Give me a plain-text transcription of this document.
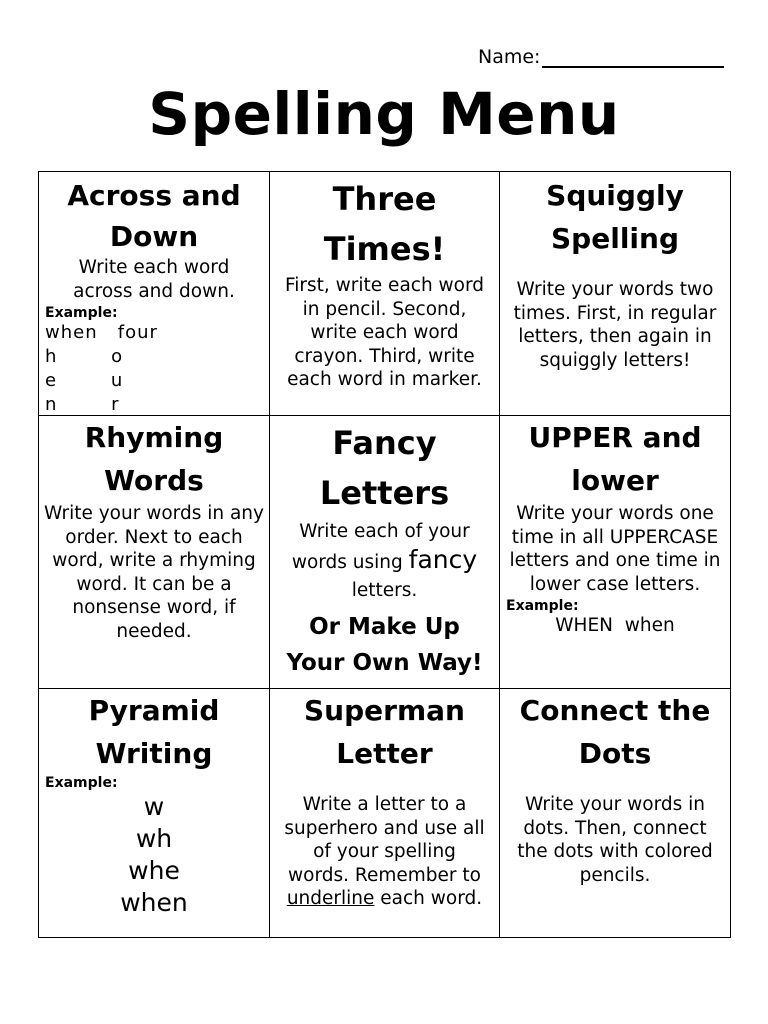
Name:
Spelling Menu
Across and
Down
Write each word across and down.
Example:
when   four
h        o
e        u
n        r
Three
Times!
First, write each word in pencil. Second, write each word crayon. Third, write each word in marker.
Squiggly
Spelling
Write your words two times. First, in regular letters, then again in squiggly letters!
Rhyming
Words
Write your words in any order. Next to each word, write a rhyming word. It can be a nonsense word, if needed.
Fancy
Letters
Write each of your words using fancy letters.
Or Make Up
Your Own Way!
UPPER and
lower
Write your words one time in all UPPERCASE letters and one time in lower case letters.
Example:
WHEN  when
Pyramid
Writing
Example:
w
wh
whe
when
Superman
Letter
Write a letter to a superhero and use all of your spelling words. Remember to underline each word.
Connect the
Dots
Write your words in dots. Then, connect the dots with colored pencils.
